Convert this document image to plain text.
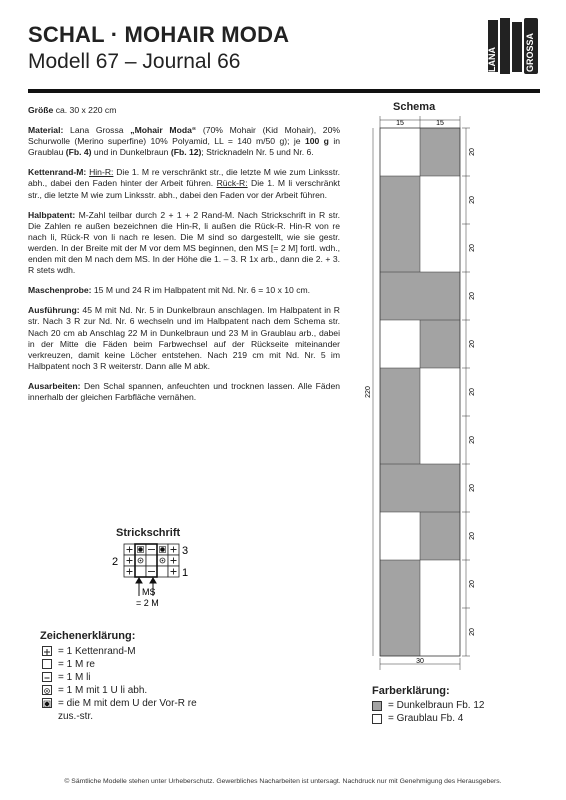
SCHAL · MOHAIR MODA
Modell 67 – Journal 66	LANA	GROSSA

Größe ca. 30 x 220 cm

Material: Lana Grossa „Mohair Moda“ (70% Mohair (Kid Mohair), 20% Schurwolle (Merino superfine) 10% Polyamid, LL = 140 m/50 g); je 100 g in Graublau (Fb. 4) und in Dunkelbraun (Fb. 12); Stricknadeln Nr. 5 und Nr. 6.

Kettenrand-M: Hin-R: Die 1. M re verschränkt str., die letzte M wie zum Linksstr. abh., dabei den Faden hinter der Arbeit führen. Rück-R: Die 1. M li verschränkt str., die letzte M wie zum Linksstr. abh., dabei den Faden vor der Arbeit führen.

Halbpatent: M-Zahl teilbar durch 2 + 1 + 2 Rand-M. Nach Strickschrift in R str. Die Zahlen re außen bezeichnen die Hin-R, li außen die Rück-R. Hin-R von re nach li, Rück-R von li nach re lesen. Die M sind so dargestellt, wie sie gestr. werden. In der Breite mit der M vor dem MS beginnen, den MS [= 2 M] fortl. wdh., enden mit den M nach dem MS. In der Höhe die 1. – 3. R 1x arb., dann die 2. + 3. R stets wdh.

Maschenprobe: 15 M und 24 R im Halbpatent mit Nd. Nr. 6 = 10 x 10 cm.

Ausführung: 45 M mit Nd. Nr. 5 in Dunkelbraun anschlagen. Im Halbpatent in R str. Nach 3 R zur Nd. Nr. 6 wechseln und im Halbpatent nach dem Schema str. Nach 20 cm ab Anschlag 22 M in Dunkelbraun und 23 M in Graublau arb., dabei in der Mitte die Fäden beim Farbwechsel auf der Rückseite miteinander verkreuzen, damit keine Löcher entstehen. Nach 219 cm mit Nd. Nr. 5 im Halbpatent noch 3 R weiterstr. Dann alle M abk.

Ausarbeiten: Den Schal spannen, anfeuchten und trocknen lassen. Alle Fäden innerhalb der gleichen Farbfläche vernähen.

Schema
15	15
30
220
20
20
20
20
20
20
20
20
20
20
20
Strickschrift
2
3
1
MS
= 2 M
Zeichenerklärung:
= 1 Kettenrand-M
= 1 M re
= 1 M li
= 1 M mit 1 U li abh.
= die M mit dem U der Vor-R re
zus.-str.
Farberklärung:
= Dunkelbraun Fb. 12
= Graublau Fb. 4
© Sämtliche Modelle stehen unter Urheberschutz. Gewerbliches Nacharbeiten ist untersagt. Nachdruck nur mit Genehmigung des Herausgebers.
